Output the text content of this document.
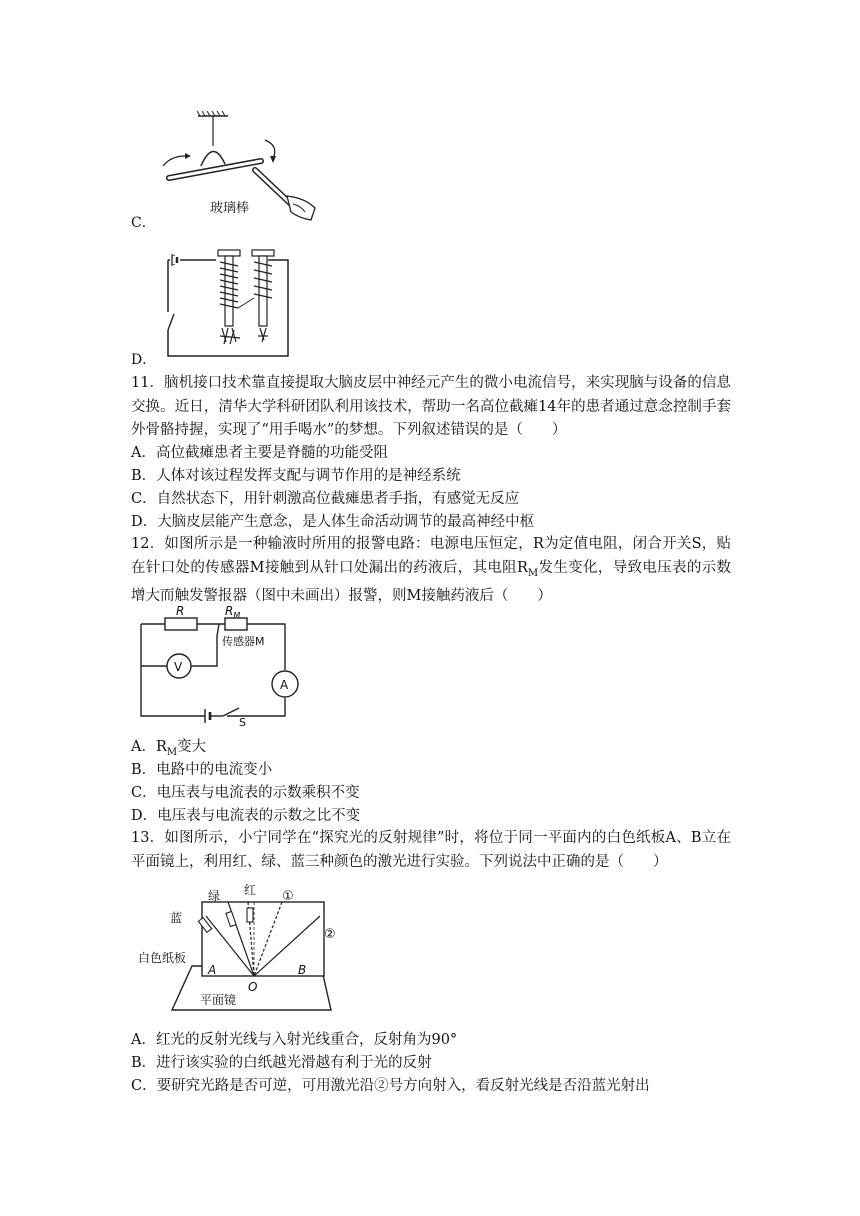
C．
玻璃棒
D．

11．脑机接口技术靠直接提取大脑皮层中神经元产生的微小电流信号，来实现脑与设备的信息交换。近日，清华大学科研团队利用该技术，帮助一名高位截瘫14年的患者通过意念控制手套外骨骼持握，实现了“用手喝水”的梦想。下列叙述错误的是（　　）

A．高位截瘫患者主要是脊髓的功能受阻
B．人体对该过程发挥支配与调节作用的是神经系统
C．自然状态下，用针刺激高位截瘫患者手指，有感觉无反应
D．大脑皮层能产生意念，是人体生命活动调节的最高神经中枢

12．如图所示是一种输液时所用的报警电路：电源电压恒定，R为定值电阻，闭合开关S，贴在针口处的传感器M接触到从针口处漏出的药液后，其电阻$R_M$发生变化，导致电压表的示数增大而触发警报器（图中未画出）报警，则M接触药液后（　　）

R	$R_M$
传感器M
V
A
S
A．$R_M$变大
B．电路中的电流变小
C．电压表与电流表的示数乘积不变
D．电压表与电流表的示数之比不变

13．如图所示，小宁同学在“探究光的反射规律”时，将位于同一平面内的白色纸板A、B立在平面镜上，利用红、绿、蓝三种颜色的激光进行实验。下列说法中正确的是（　　）

平面镜
蓝
绿 红 ①
②
白色纸板
A	B
O
A．红光的反射光线与入射光线重合，反射角为90°
B．进行该实验的白纸越光滑越有利于光的反射
C．要研究光路是否可逆，可用激光沿②号方向射入，看反射光线是否沿蓝光射出
